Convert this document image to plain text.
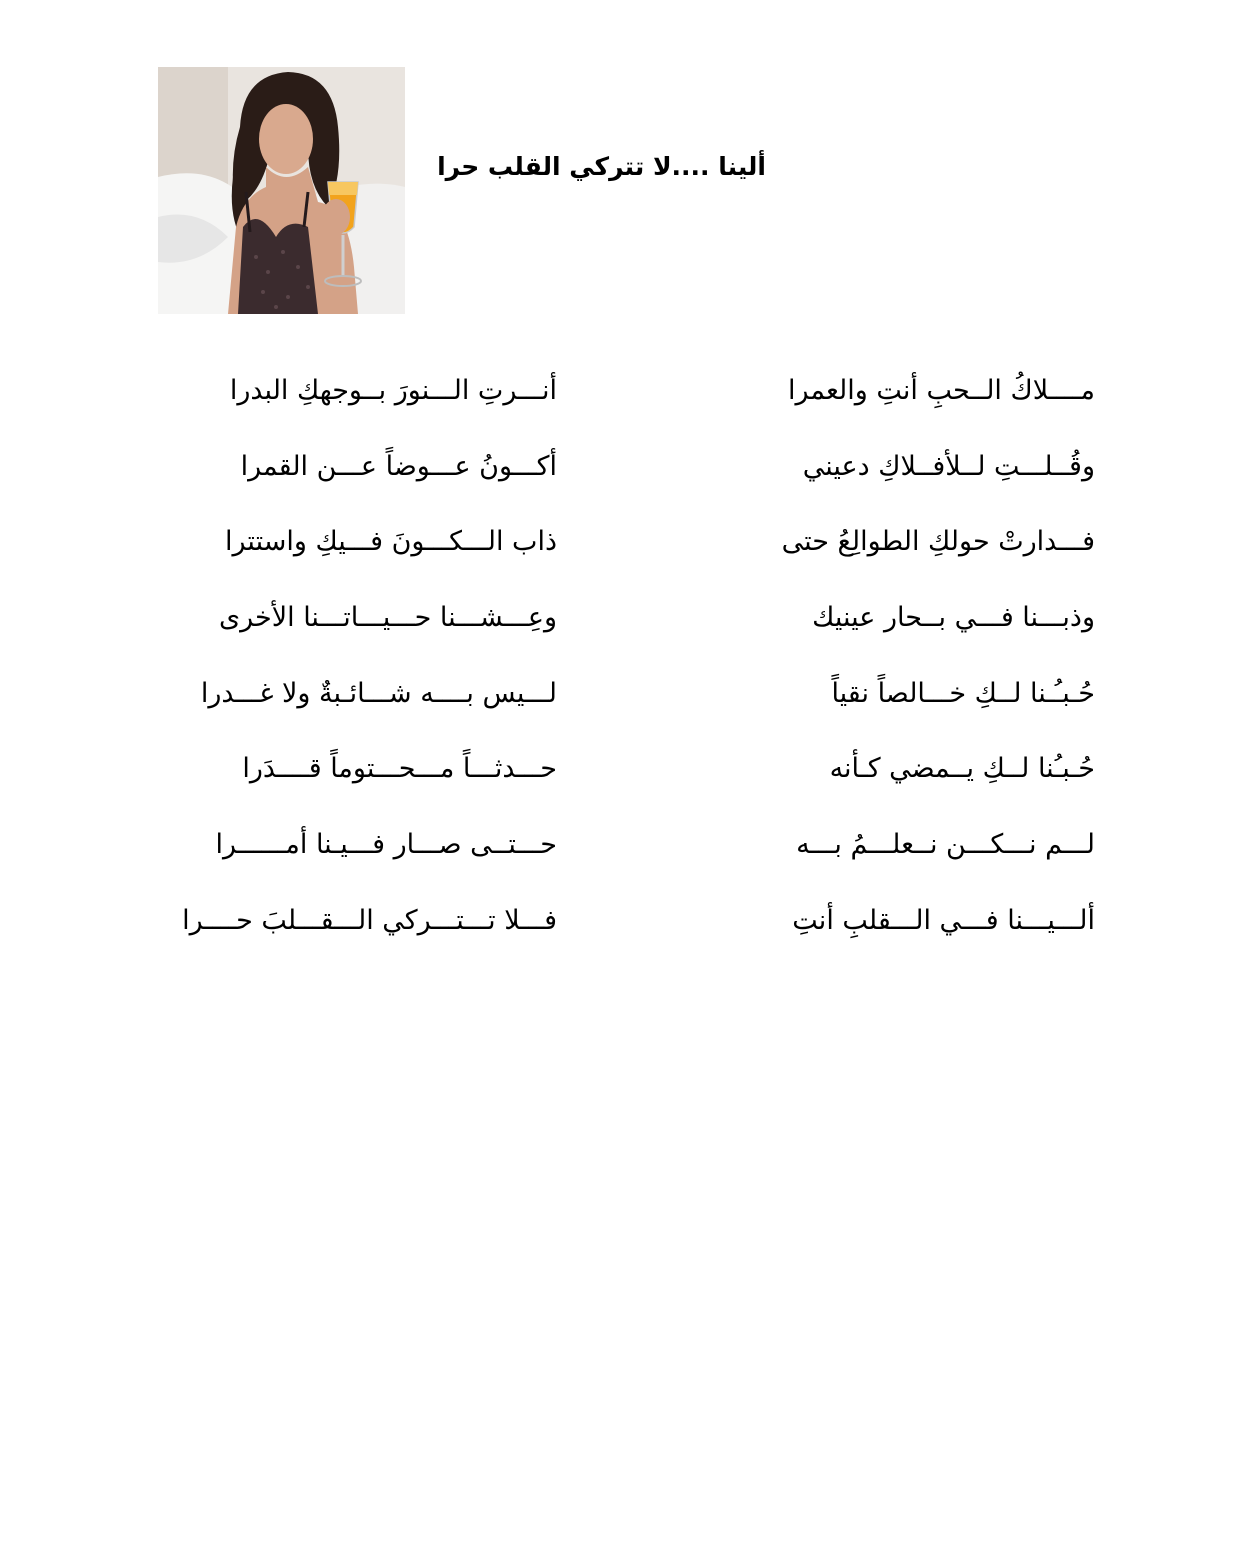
ألينا ....لا تتركي القلب حرا
مــــلاكُ الــحبِ أنتِ والعمرا
وقُــلـــتِ لــلأفــلاكِ دعيني
فـــدارتْ حولكِ الطوالِعُ حتى
وذبـــنا فـــي بــحار عينيك
حُـبـُـنا لــكِ خـــالصاً نقياً
حُـبـُنا لــكِ يــمضي كـأنه
لـــم نـــكـــن نــعلـــمُ بـــه
ألـــيـــنا فـــي الـــقلبِ أنتِ
أنـــرتِ الـــنورَ بــوجهكِ البدرا
أكـــونُ عـــوضاً عـــن القمرا
ذاب الـــكـــونَ فـــيكِ واستترا
وعِـــشـــنا حـــيـــاتـــنا الأخرى
لـــيس بــــه شـــائـبةٌ ولا غـــدرا
حـــدثـــاً مـــحـــتوماً قــــدَرا
حـــتــى صـــار فـــيـنا أمــــــرا
فـــلا تـــتـــركي الـــقـــلبَ حــــرا
